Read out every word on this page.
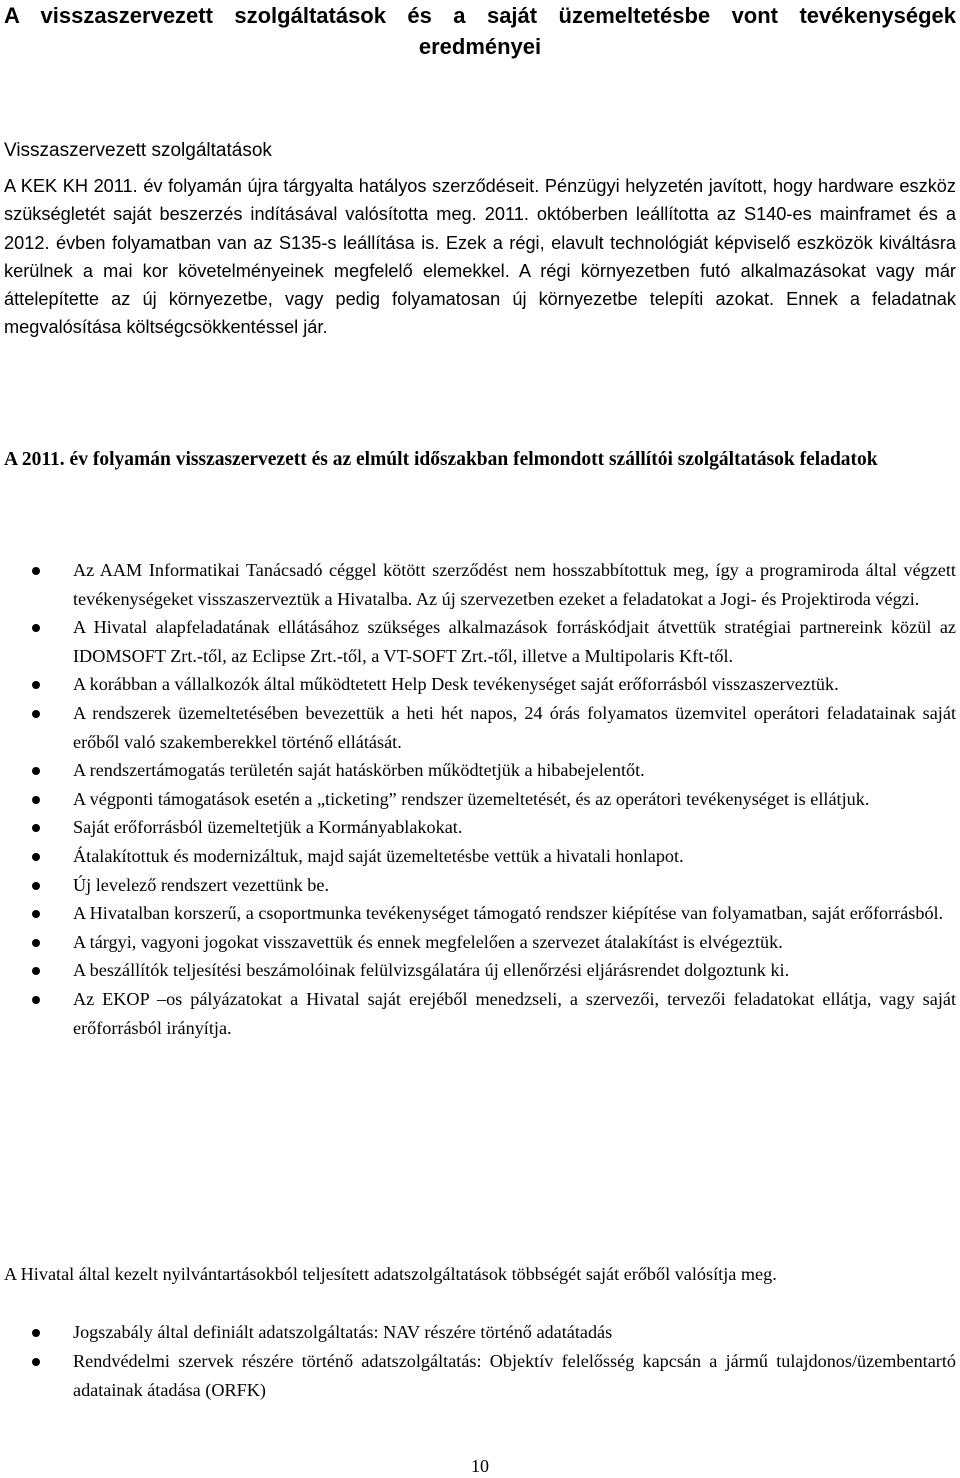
A visszaszervezett szolgáltatások és a saját üzemeltetésbe vont tevékenységek
eredményei

Visszaszervezett szolgáltatások

A KEK KH 2011. év folyamán újra tárgyalta hatályos szerződéseit. Pénzügyi helyzetén javított, hogy hardware eszköz szükségletét saját beszerzés indításával valósította meg. 2011. októberben leállította az S140-es mainframet és a 2012. évben folyamatban van az S135-s leállítása is. Ezek a régi, elavult technológiát képviselő eszközök kiváltásra kerülnek a mai kor követelményeinek megfelelő elemekkel. A régi környezetben futó alkalmazásokat vagy már áttelepítette az új környezetbe, vagy pedig folyamatosan új környezetbe telepíti azokat. Ennek a feladatnak megvalósítása költségcsökkentéssel jár.

A 2011. év folyamán visszaszervezett és az elmúlt időszakban felmondott szállítói szolgáltatások feladatok

Az AAM Informatikai Tanácsadó céggel kötött szerződést nem hosszabbítottuk meg, így a programiroda által végzett tevékenységeket visszaszerveztük a Hivatalba. Az új szervezetben ezeket a feladatokat a Jogi- és Projektiroda végzi.
A Hivatal alapfeladatának ellátásához szükséges alkalmazások forráskódjait átvettük stratégiai partnereink közül az IDOMSOFT Zrt.-től, az Eclipse Zrt.-től, a VT-SOFT Zrt.-től, illetve a Multipolaris Kft-től.
A korábban a vállalkozók által működtetett Help Desk tevékenységet saját erőforrásból visszaszerveztük.
A rendszerek üzemeltetésében bevezettük a heti hét napos, 24 órás folyamatos üzemvitel operátori feladatainak saját erőből való szakemberekkel történő ellátását.
A rendszertámogatás területén saját hatáskörben működtetjük a hibabejelentőt.
A végponti támogatások esetén a „ticketing” rendszer üzemeltetését, és az operátori tevékenységet is ellátjuk.
Saját erőforrásból üzemeltetjük a Kormányablakokat.
Átalakítottuk és modernizáltuk, majd saját üzemeltetésbe vettük a hivatali honlapot.
Új levelező rendszert vezettünk be.
A Hivatalban korszerű, a csoportmunka tevékenységet támogató rendszer kiépítése van folyamatban, saját erőforrásból.
A tárgyi, vagyoni jogokat visszavettük és ennek megfelelően a szervezet átalakítást is elvégeztük.
A beszállítók teljesítési beszámolóinak felülvizsgálatára új ellenőrzési eljárásrendet dolgoztunk ki.
Az EKOP –os pályázatokat a Hivatal saját erejéből menedzseli, a szervezői, tervezői feladatokat ellátja, vagy saját erőforrásból irányítja.

A Hivatal által kezelt nyilvántartásokból teljesített adatszolgáltatások többségét saját erőből valósítja meg.

Jogszabály által definiált adatszolgáltatás: NAV részére történő adatátadás
Rendvédelmi szervek részére történő adatszolgáltatás: Objektív felelősség kapcsán a jármű tulajdonos/üzembentartó adatainak átadása (ORFK)

10
